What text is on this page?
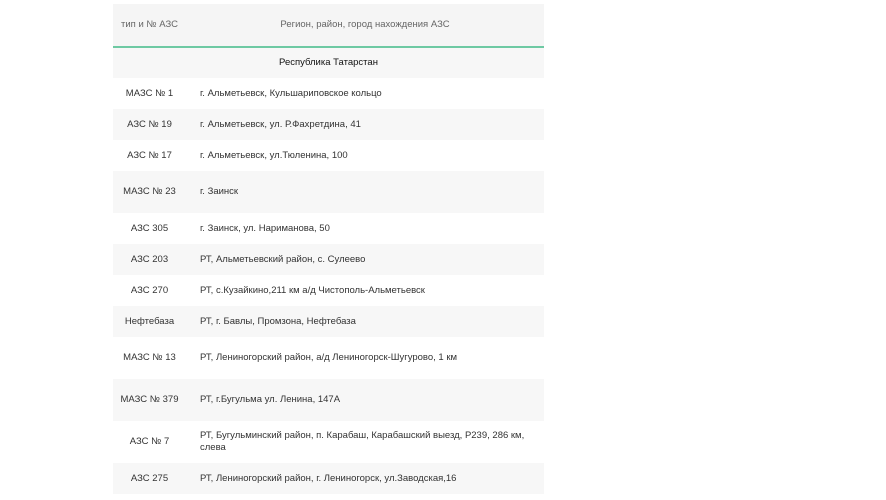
тип и № АЗС	Регион, район, город нахождения АЗС
Республика Татарстан	
МАЗС № 1	г. Альметьевск, Кульшариповское кольцо
АЗС № 19	г. Альметьевск, ул. Р.Фахретдина, 41
АЗС № 17	г. Альметьевск, ул.Тюленина, 100
МАЗС № 23	г. Заинск
АЗС 305	г. Заинск, ул. Нариманова, 50
АЗС 203	РТ, Альметьевский район, с. Сулеево
АЗС 270	РТ, с.Кузайкино,211 км а/д Чистополь-Альметьевск
Нефтебаза	РТ, г. Бавлы, Промзона, Нефтебаза
МАЗС № 13	РТ, Лениногорский район, а/д Лениногорск-Шугурово, 1 км
МАЗС № 379	РТ, г.Бугульма ул. Ленина, 147А
АЗС № 7	РТ, Бугульминский район, п. Карабаш, Карабашский выезд, Р239, 286 км, слева
АЗС 275	РТ, Лениногорский район, г. Лениногорск, ул.Заводская,16
